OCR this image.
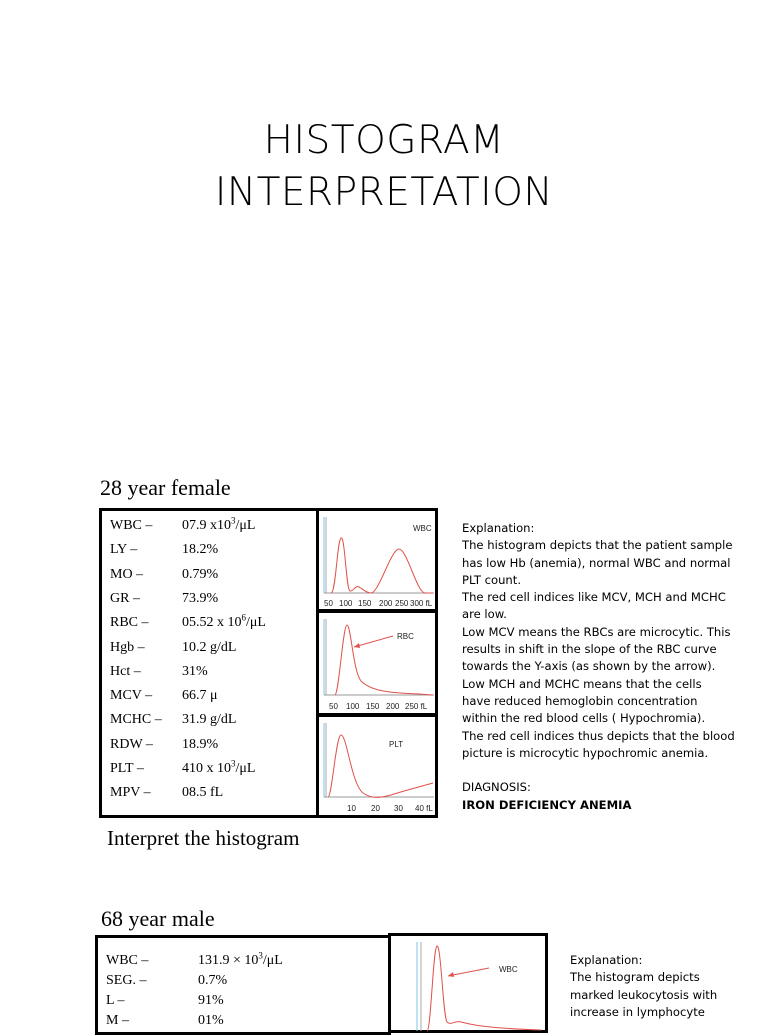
HISTOGRAM
INTERPRETATION
28 year female
WBC – 07.9 $x10^3/\mu L$
LY –	18.2%
MO –	0.79%
GR –	73.9%
RBC – 05.52 x $10^6/\mu L$
Hgb –	10.2 g/dL
Hct –	31%
MCV – 66.7 μ
MCHC – 31.9 g/dL
RDW – 18.9%
PLT –	410 x $10^3/\mu L$
MPV – 08.5 fL
WBC
50 100 150 200 250 300 fL
RBC
50 100 150 200 250 fL
PLT
10 20 30 40 fL
Interpret the histogram
Explanation:
The histogram depicts that the patient sample
has low Hb (anemia), normal WBC and normal
PLT count.
The red cell indices like MCV, MCH and MCHC
are low.
Low MCV means the RBCs are microcytic. This
results in shift in the slope of the RBC curve
towards the Y-axis (as shown by the arrow).
Low MCH and MCHC means that the cells
have reduced hemoglobin concentration
within the red blood cells ( Hypochromia).
The red cell indices thus depicts that the blood
picture is microcytic hypochromic anemia.
DIAGNOSIS:
IRON DEFICIENCY ANEMIA
68 year male
WBC –	$131.9 \times 10^3/\mu L$
SEG. –	0.7%
L –	91%
M –	01%
WBC
Explanation:
The histogram depicts
marked leukocytosis with
increase in lymphocyte
